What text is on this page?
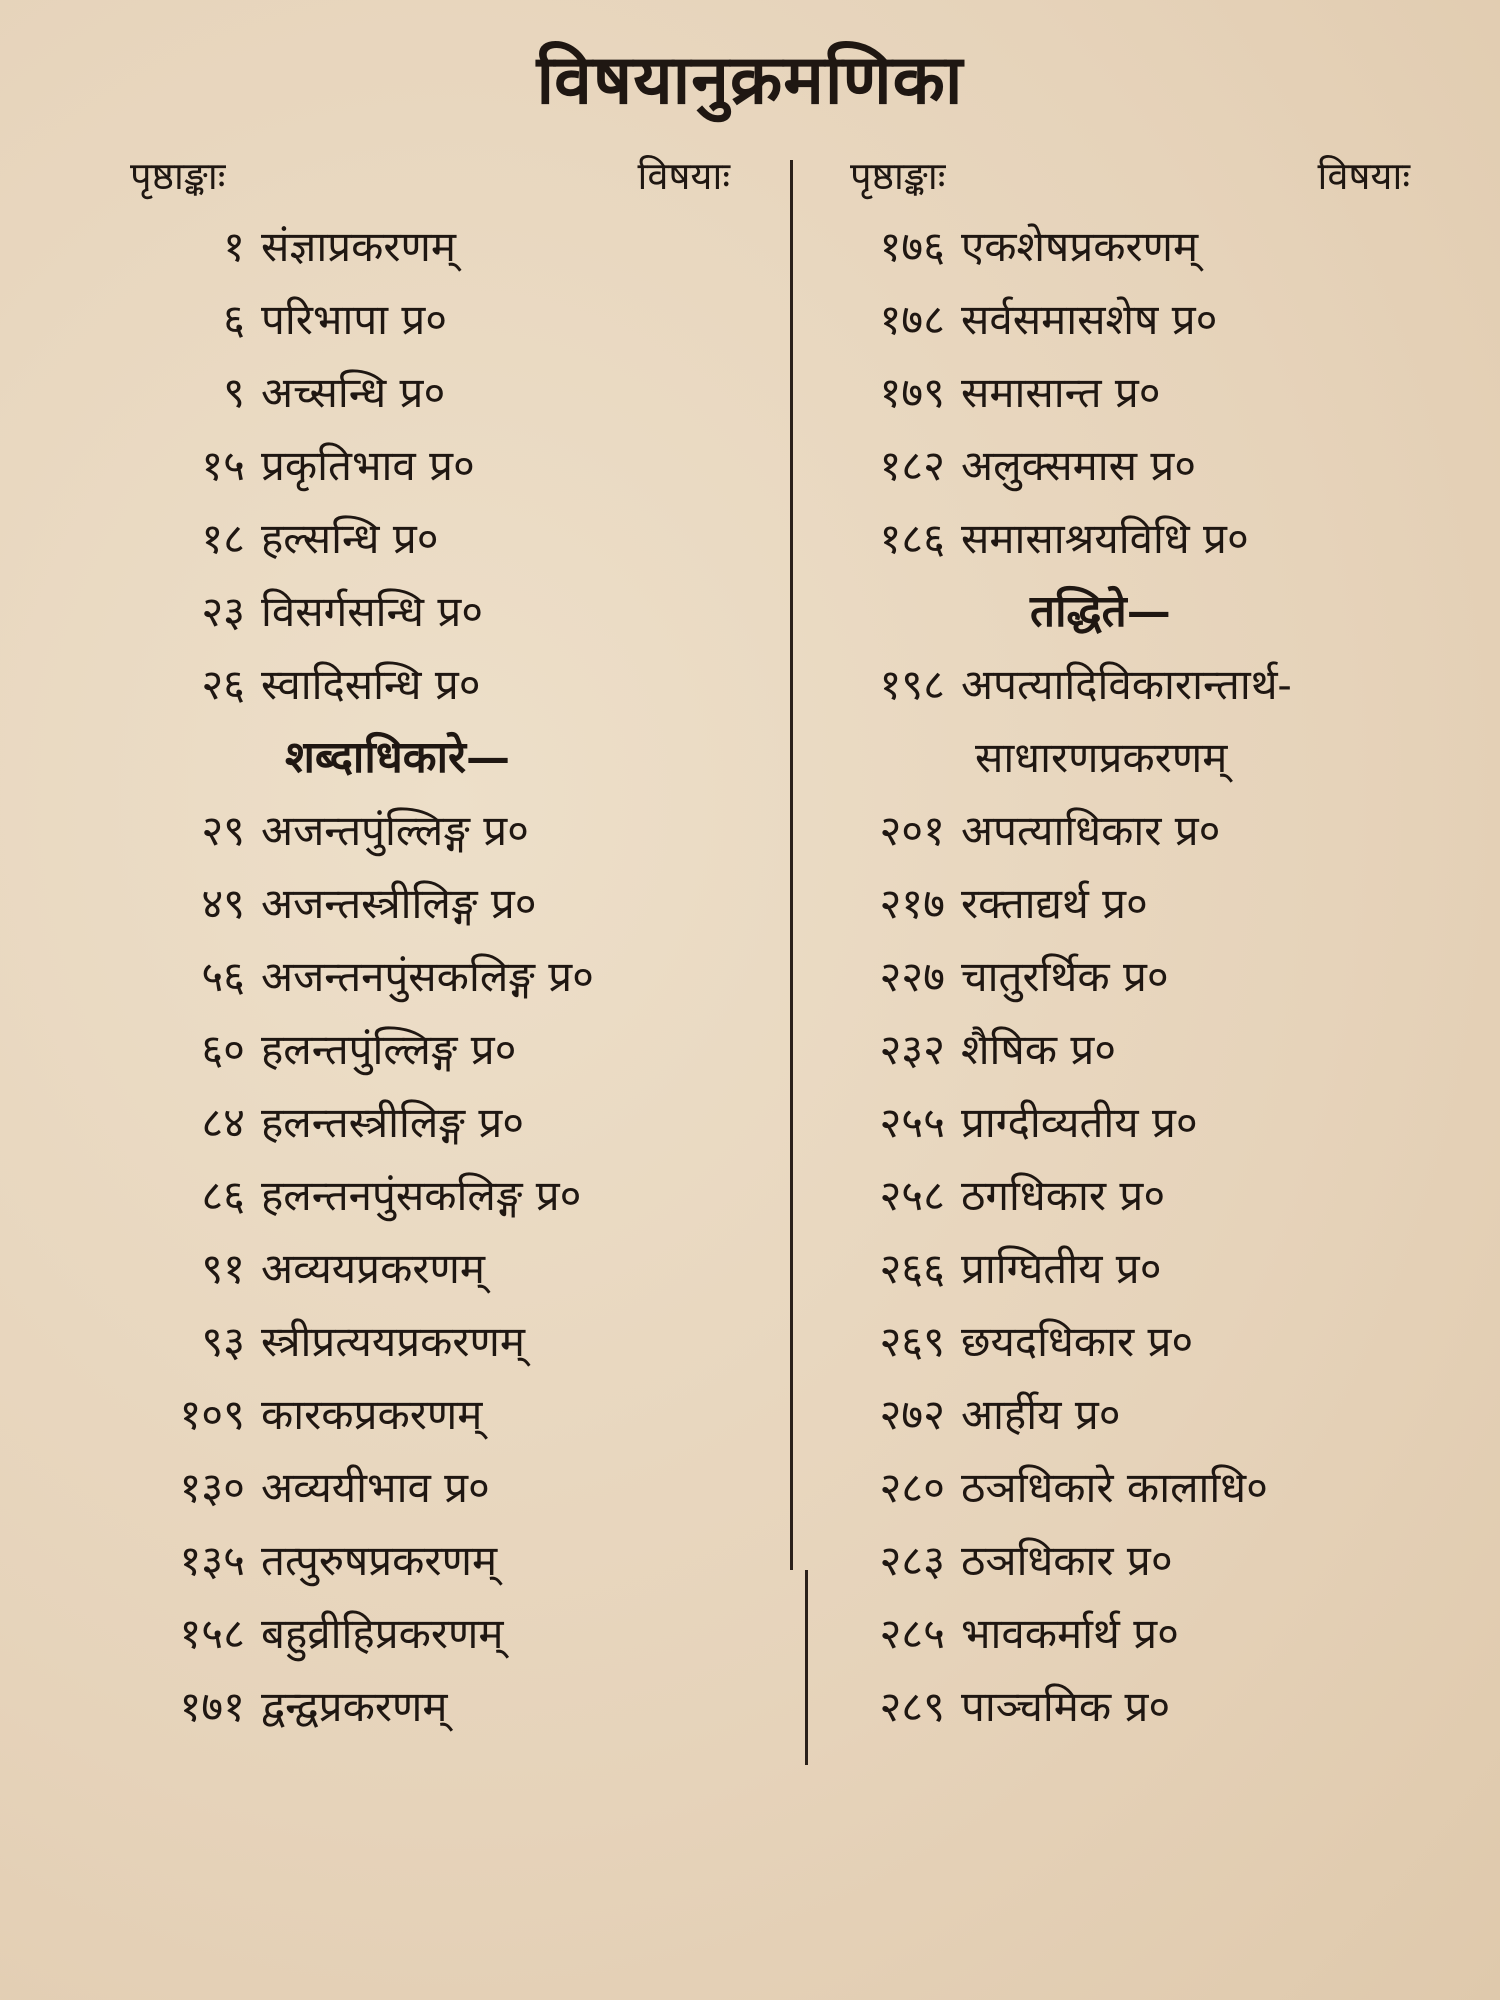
विषयानुक्रमणिका
पृष्ठाङ्काः	विषयाः
१ संज्ञाप्रकरणम्
६ परिभापा प्र०
९ अच्सन्धि प्र०
१५ प्रकृतिभाव प्र०
१८ हल्सन्धि प्र०
२३ विसर्गसन्धि प्र०
२६ स्वादिसन्धि प्र०
शब्दाधिकारे—
२९ अजन्तपुंल्लिङ्ग प्र०
४९ अजन्तस्त्रीलिङ्ग प्र०
५६ अजन्तनपुंसकलिङ्ग प्र०
६० हलन्तपुंल्लिङ्ग प्र०
८४ हलन्तस्त्रीलिङ्ग प्र०
८६ हलन्तनपुंसकलिङ्ग प्र०
९१ अव्ययप्रकरणम्
९३ स्त्रीप्रत्ययप्रकरणम्
१०९ कारकप्रकरणम्
१३० अव्ययीभाव प्र०
१३५ तत्पुरुषप्रकरणम्
१५८ बहुव्रीहिप्रकरणम्
१७१ द्वन्द्वप्रकरणम्
पृष्ठाङ्काः	विषयाः
१७६ एकशेषप्रकरणम्
१७८ सर्वसमासशेष प्र०
१७९ समासान्त प्र०
१८२ अलुक्समास प्र०
१८६ समासाश्रयविधि प्र०
तद्धिते—
१९८ अपत्यादिविकारान्तार्थ-
साधारणप्रकरणम्
२०१ अपत्याधिकार प्र०
२१७ रक्ताद्यर्थ प्र०
२२७ चातुरर्थिक प्र०
२३२ शैषिक प्र०
२५५ प्राग्दीव्यतीय प्र०
२५८ ठगधिकार प्र०
२६६ प्राग्घितीय प्र०
२६९ छयदधिकार प्र०
२७२ आर्हीय प्र०
२८० ठञधिकारे कालाधि०
२८३ ठञधिकार प्र०
२८५ भावकर्मार्थ प्र०
२८९ पाञ्चमिक प्र०
